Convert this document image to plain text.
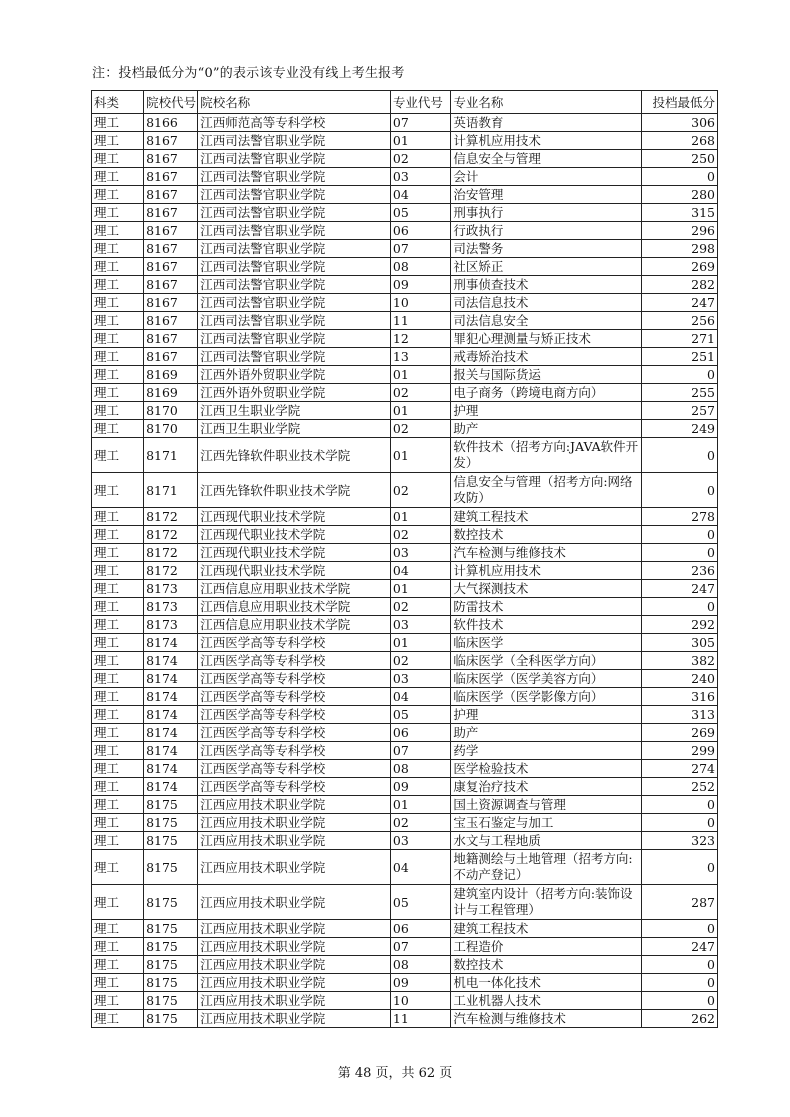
注：投档最低分为“0”的表示该专业没有线上考生报考
科类	院校代号	院校名称	专业代号	专业名称	投档最低分
理工	8166	江西师范高等专科学校	07	英语教育	306
理工	8167	江西司法警官职业学院	01	计算机应用技术	268
理工	8167	江西司法警官职业学院	02	信息安全与管理	250
理工	8167	江西司法警官职业学院	03	会计	0
理工	8167	江西司法警官职业学院	04	治安管理	280
理工	8167	江西司法警官职业学院	05	刑事执行	315
理工	8167	江西司法警官职业学院	06	行政执行	296
理工	8167	江西司法警官职业学院	07	司法警务	298
理工	8167	江西司法警官职业学院	08	社区矫正	269
理工	8167	江西司法警官职业学院	09	刑事侦查技术	282
理工	8167	江西司法警官职业学院	10	司法信息技术	247
理工	8167	江西司法警官职业学院	11	司法信息安全	256
理工	8167	江西司法警官职业学院	12	罪犯心理测量与矫正技术	271
理工	8167	江西司法警官职业学院	13	戒毒矫治技术	251
理工	8169	江西外语外贸职业学院	01	报关与国际货运	0
理工	8169	江西外语外贸职业学院	02	电子商务（跨境电商方向）	255
理工	8170	江西卫生职业学院	01	护理	257
理工	8170	江西卫生职业学院	02	助产	249
理工	8171	江西先锋软件职业技术学院	01	软件技术（招考方向:JAVA软件开发）	0
理工	8171	江西先锋软件职业技术学院	02	信息安全与管理（招考方向:网络攻防）	0
理工	8172	江西现代职业技术学院	01	建筑工程技术	278
理工	8172	江西现代职业技术学院	02	数控技术	0
理工	8172	江西现代职业技术学院	03	汽车检测与维修技术	0
理工	8172	江西现代职业技术学院	04	计算机应用技术	236
理工	8173	江西信息应用职业技术学院	01	大气探测技术	247
理工	8173	江西信息应用职业技术学院	02	防雷技术	0
理工	8173	江西信息应用职业技术学院	03	软件技术	292
理工	8174	江西医学高等专科学校	01	临床医学	305
理工	8174	江西医学高等专科学校	02	临床医学（全科医学方向）	382
理工	8174	江西医学高等专科学校	03	临床医学（医学美容方向）	240
理工	8174	江西医学高等专科学校	04	临床医学（医学影像方向）	316
理工	8174	江西医学高等专科学校	05	护理	313
理工	8174	江西医学高等专科学校	06	助产	269
理工	8174	江西医学高等专科学校	07	药学	299
理工	8174	江西医学高等专科学校	08	医学检验技术	274
理工	8174	江西医学高等专科学校	09	康复治疗技术	252
理工	8175	江西应用技术职业学院	01	国土资源调查与管理	0
理工	8175	江西应用技术职业学院	02	宝玉石鉴定与加工	0
理工	8175	江西应用技术职业学院	03	水文与工程地质	323
理工	8175	江西应用技术职业学院	04	地籍测绘与土地管理（招考方向:不动产登记）	0
理工	8175	江西应用技术职业学院	05	建筑室内设计（招考方向:装饰设计与工程管理）	287
理工	8175	江西应用技术职业学院	06	建筑工程技术	0
理工	8175	江西应用技术职业学院	07	工程造价	247
理工	8175	江西应用技术职业学院	08	数控技术	0
理工	8175	江西应用技术职业学院	09	机电一体化技术	0
理工	8175	江西应用技术职业学院	10	工业机器人技术	0
理工	8175	江西应用技术职业学院	11	汽车检测与维修技术	262
第 48 页，共 62 页
